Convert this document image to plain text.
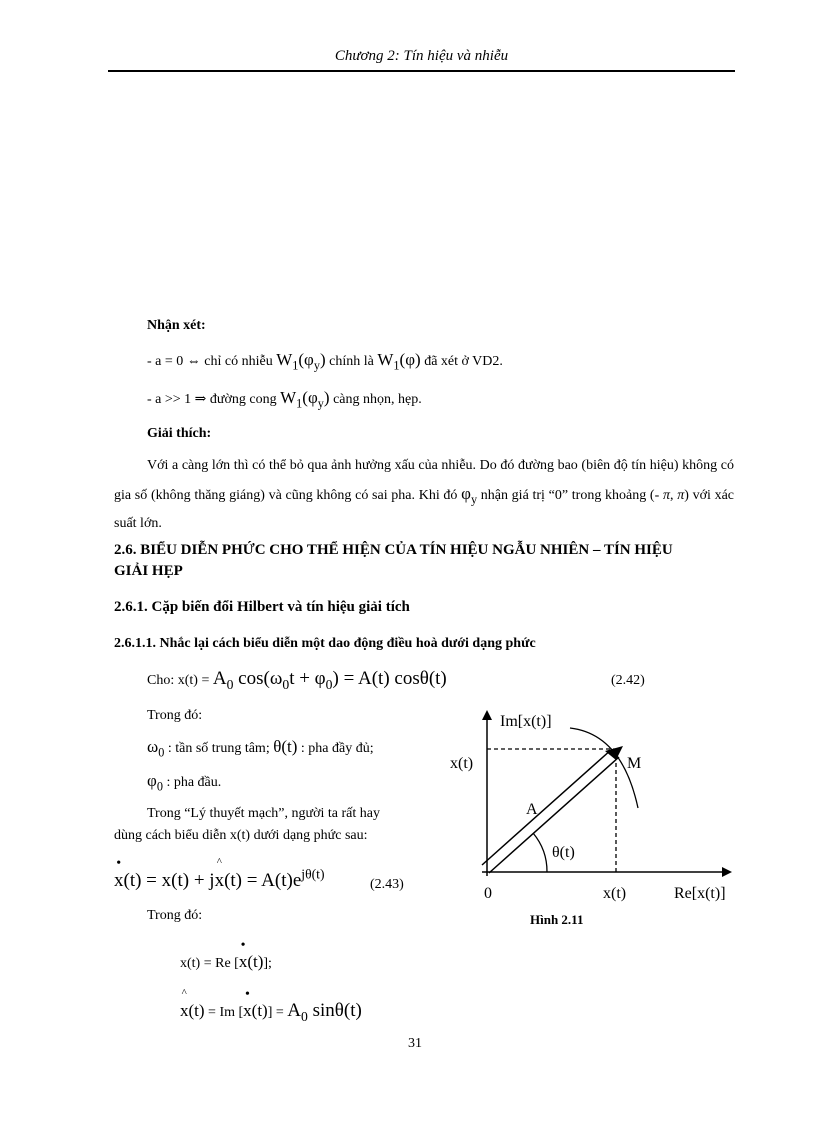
Chương 2: Tín hiệu và nhiễu
Nhận xét:
- a = 0 ⇔ chỉ có nhiễu $W_1(\varphi_y)$ chính là $W_1(\varphi)$ đã xét ở VD2.
- a >> 1 ⇒ đường cong $W_1(\varphi_y)$ càng nhọn, hẹp.
Giải thích:
Với a càng lớn thì có thể bỏ qua ảnh hưởng xấu của nhiễu. Do đó đường bao (biên độ tín hiệu) không có gia số (không thăng giáng) và cũng không có sai pha. Khi đó $\varphi_y$ nhận giá trị “0” trong khoảng (- π, π) với xác suất lớn.
2.6. BIỂU DIỄN PHỨC CHO THỂ HIỆN CỦA TÍN HIỆU NGẪU NHIÊN – TÍN HIỆU
GIẢI HẸP
2.6.1. Cặp biến đổi Hilbert và tín hiệu giải tích
2.6.1.1. Nhắc lại cách biểu diễn một dao động điều hoà dưới dạng phức
Cho: $x(t) = A_0$ $\cos(\omega_0t + \varphi_0) = A(t)$ cosθ(t)	(2.42)
Trong đó:
$\omega_0$ : tần số trung tâm; θ(t) : pha đầy đủ;
$\varphi_0$ : pha đầu.
Trong “Lý thuyết mạch”, người ta rất hay
dùng cách biểu diễn x(t) dưới dạng phức sau:
x
•
(t) = x(t) + jx
^
$(t) = A(t)e^{j\theta(t)}$
(2.43)
Trong đó:
x(t) = Re [x
•
(t)];
x
^
(t) = Im [x
•
$(t)] = A_0$ sinθ(t)
Im[x(t)]
Re[x(t)]
0	x(t)
x(t)	M
A
θ(t)
Hình 2.11
31
